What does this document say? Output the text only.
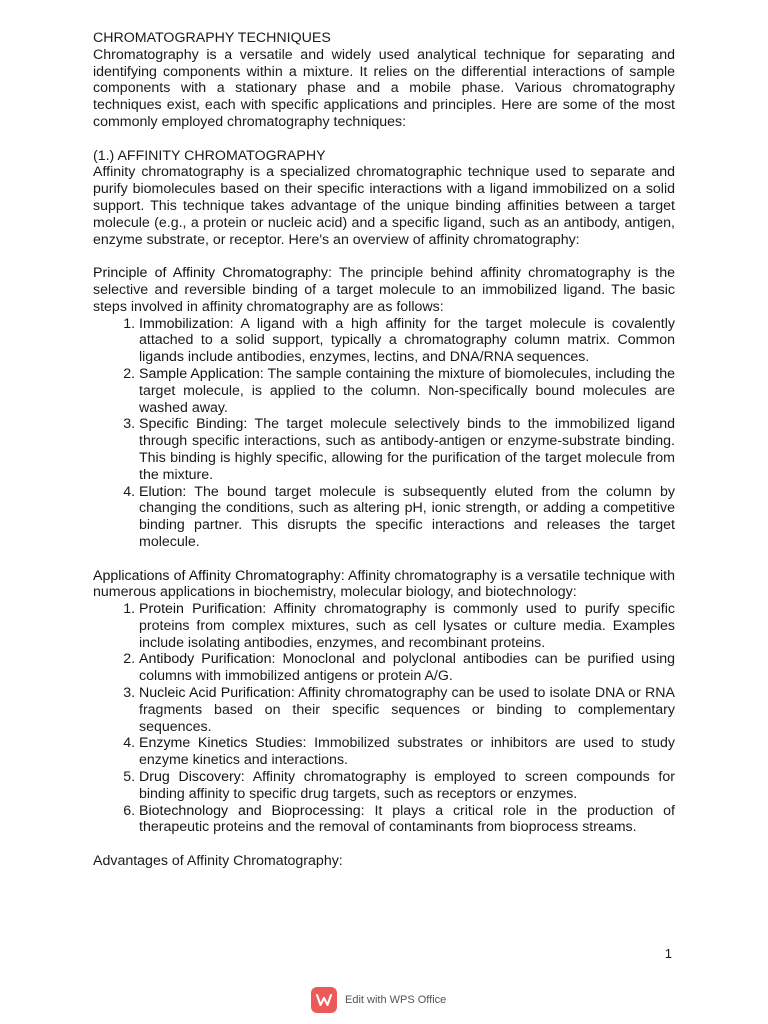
CHROMATOGRAPHY TECHNIQUES

Chromatography is a versatile and widely used analytical technique for separating and identifying components within a mixture. It relies on the differential interactions of sample components with a stationary phase and a mobile phase. Various chromatography techniques exist, each with specific applications and principles. Here are some of the most commonly employed chromatography techniques:

(1.) AFFINITY CHROMATOGRAPHY

Affinity chromatography is a specialized chromatographic technique used to separate and purify biomolecules based on their specific interactions with a ligand immobilized on a solid support. This technique takes advantage of the unique binding affinities between a target molecule (e.g., a protein or nucleic acid) and a specific ligand, such as an antibody, antigen, enzyme substrate, or receptor. Here's an overview of affinity chromatography:

Principle of Affinity Chromatography: The principle behind affinity chromatography is the selective and reversible binding of a target molecule to an immobilized ligand. The basic steps involved in affinity chromatography are as follows:

1. Immobilization: A ligand with a high affinity for the target molecule is covalently attached to a solid support, typically a chromatography column matrix. Common ligands include antibodies, enzymes, lectins, and DNA/RNA sequences.
2. Sample Application: The sample containing the mixture of biomolecules, including the target molecule, is applied to the column. Non-specifically bound molecules are washed away.
3. Specific Binding: The target molecule selectively binds to the immobilized ligand through specific interactions, such as antibody-antigen or enzyme-substrate binding. This binding is highly specific, allowing for the purification of the target molecule from the mixture.
4. Elution: The bound target molecule is subsequently eluted from the column by changing the conditions, such as altering pH, ionic strength, or adding a competitive binding partner. This disrupts the specific interactions and releases the target molecule.

Applications of Affinity Chromatography: Affinity chromatography is a versatile technique with numerous applications in biochemistry, molecular biology, and biotechnology:

1. Protein Purification: Affinity chromatography is commonly used to purify specific proteins from complex mixtures, such as cell lysates or culture media. Examples include isolating antibodies, enzymes, and recombinant proteins.
2. Antibody Purification: Monoclonal and polyclonal antibodies can be purified using columns with immobilized antigens or protein A/G.
3. Nucleic Acid Purification: Affinity chromatography can be used to isolate DNA or RNA fragments based on their specific sequences or binding to complementary sequences.
4. Enzyme Kinetics Studies: Immobilized substrates or inhibitors are used to study enzyme kinetics and interactions.
5. Drug Discovery: Affinity chromatography is employed to screen compounds for binding affinity to specific drug targets, such as receptors or enzymes.
6. Biotechnology and Bioprocessing: It plays a critical role in the production of therapeutic proteins and the removal of contaminants from bioprocess streams.

Advantages of Affinity Chromatography:

1
Edit with WPS Office
